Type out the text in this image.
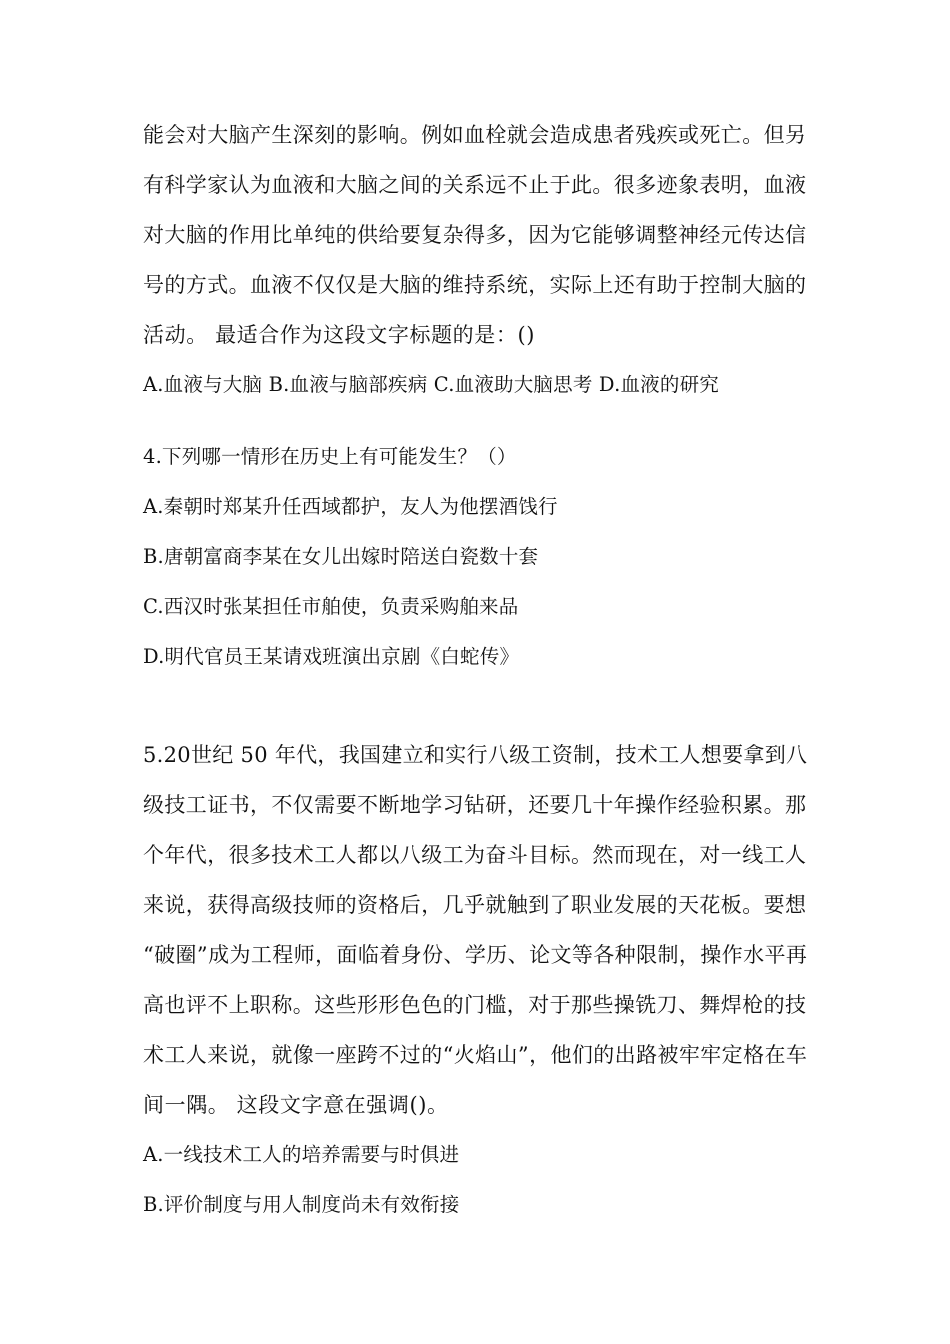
能会对大脑产生深刻的影响。例如血栓就会造成患者残疾或死亡。但另
有科学家认为血液和大脑之间的关系远不止于此。很多迹象表明，血液
对大脑的作用比单纯的供给要复杂得多，因为它能够调整神经元传达信
号的方式。血液不仅仅是大脑的维持系统，实际上还有助于控制大脑的
活动。 最适合作为这段文字标题的是：()
A.血液与大脑 B.血液与脑部疾病 C.血液助大脑思考 D.血液的研究
4.下列哪一情形在历史上有可能发生？（）
A.秦朝时郑某升任西域都护，友人为他摆酒饯行
B.唐朝富商李某在女儿出嫁时陪送白瓷数十套
C.西汉时张某担任市舶使，负责采购舶来品
D.明代官员王某请戏班演出京剧《白蛇传》
5.20世纪 50 年代，我国建立和实行八级工资制，技术工人想要拿到八
级技工证书，不仅需要不断地学习钻研，还要几十年操作经验积累。那
个年代，很多技术工人都以八级工为奋斗目标。然而现在，对一线工人
来说，获得高级技师的资格后，几乎就触到了职业发展的天花板。要想
“破圈”成为工程师，面临着身份、学历、论文等各种限制，操作水平再
高也评不上职称。这些形形色色的门槛，对于那些操铣刀、舞焊枪的技
术工人来说，就像一座跨不过的“火焰山”，他们的出路被牢牢定格在车
间一隅。 这段文字意在强调()。
A.一线技术工人的培养需要与时俱进
B.评价制度与用人制度尚未有效衔接
